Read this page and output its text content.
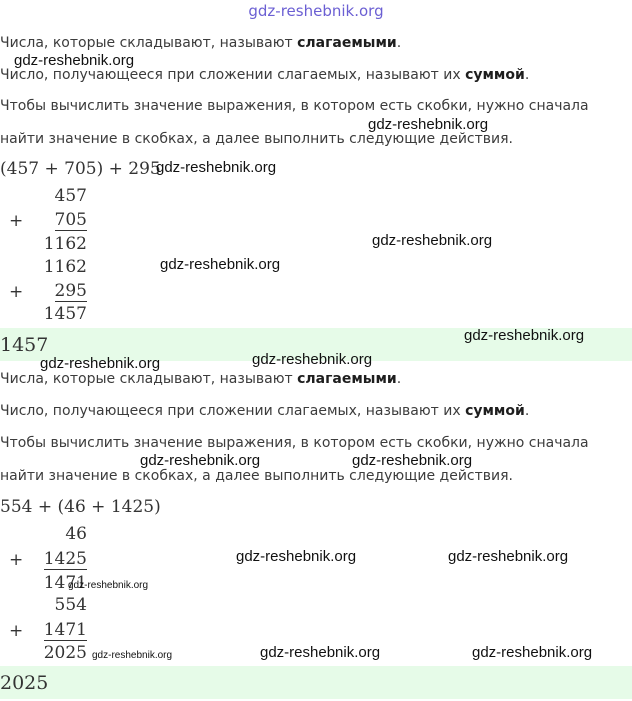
gdz-reshebnik.org
Числа, которые складывают, называют слагаемыми.
Число, получающееся при сложении слагаемых, называют их суммой.
Чтобы вычислить значение выражения, в котором есть скобки, нужно сначала
найти значение в скобках, а далее выполнить следующие действия.
(457 + 705) + 295
457
+	705
1162
1162
+	295
1457
1457
Числа, которые складывают, называют слагаемыми.
Число, получающееся при сложении слагаемых, называют их суммой.
Чтобы вычислить значение выражения, в котором есть скобки, нужно сначала
найти значение в скобках, а далее выполнить следующие действия.
554 + (46 + 1425)
46
+	1425
1471
554
+	1471
2025
2025
gdz-reshebnik.org
gdz-reshebnik.org
gdz-reshebnik.org
gdz-reshebnik.org
gdz-reshebnik.org
gdz-reshebnik.org
gdz-reshebnik.org	gdz-reshebnik.org
gdz-reshebnik.org	gdz-reshebnik.org
gdz-reshebnik.org	gdz-reshebnik.org
gdz-reshebnik.org
gdz-reshebnik.org	gdz-reshebnik.org
gdz-reshebnik.org
